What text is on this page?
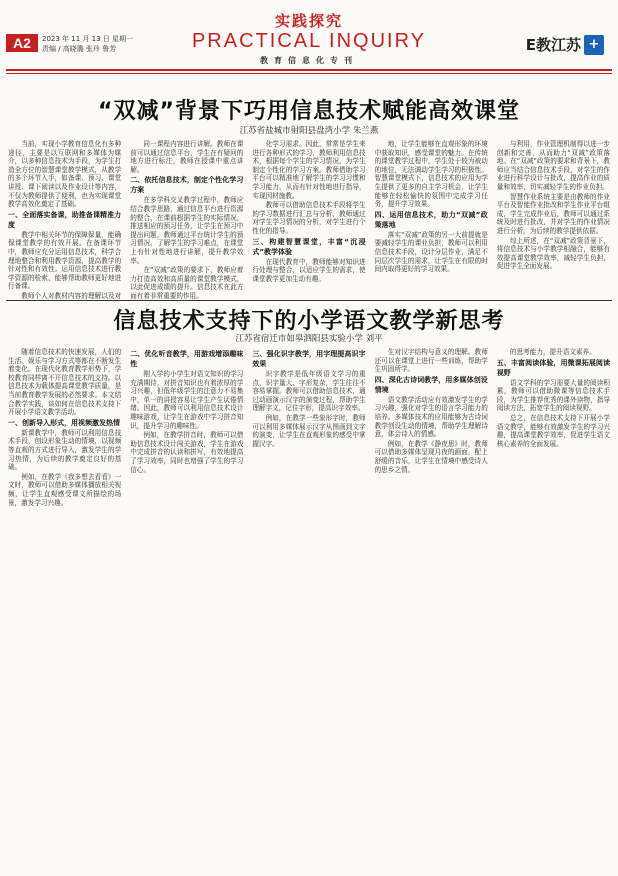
A2	2023 年 11 月 13 日 星期一
责编 / 高晓璐 张玲 鲁芳
实践探究
PRACTICAL INQUIRY
教育信息化专刊
E教江苏 +
“双减”背景下巧用信息技术赋能高效课堂
江苏省盐城市射阳县盘湾小学 朱兰燕

当前，实现小学教育信息化有多种途径，主要是以互联网和多媒体为媒介，以多种信息技术为手段，为学生打造全方位的智慧课堂教学模式，从教学的多个环节入手，如备课、预习、课堂讲授、课下阅读以及作业设计等内容，不仅为教师提供了便利，也为实现课堂教学高效化奠定了基础。

一、全面落实备课，助推备课精准力度

教学中相关环节的保障保量，能确保课堂教学的有效开展。在备课环节中，教师应充分运用信息技术，科学合理地整合和利用教学资源，提高教学的针对性和有效性。运用信息技术进行教学资源的检索，能够帮助教师更好地进行备课。

教师个人对教材内容的理解以及对

同一课程内容进行讲解。教师在课前可以通过信息平台，学生在有疑问的地方进行标注，教师在授课中重点讲解。

二、依托信息技术，制定个性化学习方案

在多学科交叉教学过程中，教师应结合教学思路，通过信息平台进行资源的整合，在课前根据学生的实际情况，推送相应的预习任务，让学生在预习中提出问题，教师通过平台统计学生的预习情况，了解学生的学习难点，在课堂上有针对性地进行讲解，提升教学效率。

在“双减”政策的要求下，教师应着力打造高效和高质量的课堂教学模式，以此促进成绩的提升。信息技术在此方面有着非常重要的作用。

化学习需求。因此，常常是学生来进行各种形式的学习，教师利用信息技术，根据每个学生的学习情况，为学生制定个性化的学习方案。教师借助学习平台可以精准地了解学生的学习习惯和学习能力，从而有针对性地进行指导，实现因材施教。

教师可以借助信息技术手段将学生的学习数据进行汇总与分析，教师通过对学生学习情况的分析，对学生进行个性化的指导。

三、构建智慧课堂，丰富“沉浸式”教学体验

在现代教育中，教师能够对知识进行处理与整合，以适应学生的需求，使课堂教学更加生动有趣。

地，让学生能够在直观形象的环境中获取知识，感受课堂的魅力。在传统的课堂教学过程中，学生处于较为被动的地位，无法调动学生学习的积极性。智慧课堂模式下，信息技术的应用为学生提供了更多的自主学习机会，让学生能够在轻松愉快的氛围中完成学习任务，提升学习效果。

四、运用信息技术，助力“双减”政策落地

落实“双减”政策的另一大前提就是要减轻学生的课业负担，教师可以利用信息技术手段，设计分层作业，满足不同层次学生的需求，让学生在有限的时间内取得更好的学习效果。

与利用，作业管理机制得以进一步创新和完善，从而助力“双减”政策落地。在“双减”政策的要求和背景下，教师应当结合信息技术手段，对学生的作业进行科学设计与批改，提高作业的质量和效率，切实减轻学生的作业负担。

智慧作业系统主要是由教师的作业平台及智能作业批改和学生作业平台组成，学生完成作业后，教师可以通过系统及时进行批改，并对学生的作业情况进行分析，为后续的教学提供依据。

综上所述，在“双减”政策背景下，将信息技术与小学教学相融合，能够有效提高课堂教学效率，减轻学生负担，促进学生全面发展。

信息技术支持下的小学语文教学新思考
江苏省宿迁市如皋泗阳县实验小学 刘平

随着信息技术的快速发展，人们的生活、娱乐与学习方式等都在不断发生着变化。在现代化教育教学形势下，学校教育同样离不开信息技术的支持。以信息技术为载体提高课堂教学质量，是当前教育教学发展的必然要求。本文结合教学实践，谈如何在信息技术支持下开展小学语文教学活动。

一、创新导入形式，用视频激发热情

新课教学中，教师可以利用信息技术手段，创设形象生动的情境，以视频等直观的方式进行导入，激发学生的学习热情，为后续的教学奠定良好的基础。

例如，在教学《我多想去看看》一文时，教师可以借助多媒体播放相关视频，让学生直观感受课文所描绘的场景，激发学习兴趣。

二、优化听音教学，用游戏增添趣味性

刚入学的小学生对语文知识的学习充满期待，对拼音知识也有着浓厚的学习兴趣，但低年级学生的注意力不易集中，单一的讲授容易让学生产生厌倦情绪。因此，教师可以利用信息技术设计趣味游戏，让学生在游戏中学习拼音知识，提升学习的趣味性。

例如，在教学拼音时，教师可以借助信息技术设计闯关游戏，学生在游戏中完成拼音的认读和拼写，有效地提高了学习效率，同时也增强了学生的学习信心。

三、强化识字教学，用字理提高识字效果

识字教学是低年级语文学习的重点，识字量大、字形复杂，学生往往不容易掌握。教师可以借助信息技术，通过动画演示汉字的演变过程，帮助学生理解字义，记住字形，提高识字效率。

例如，在教学一些象形字时，教师可以利用多媒体展示汉字从图画到文字的演变，让学生在直观形象的感受中掌握汉字。

生对汉字结构与意义的理解。教师还可以在课堂上进行一些训练，帮助学生巩固所学。

四、深化古诗词教学，用多媒体创设情境

语文教学活动应有效激发学生的学习兴趣，强化对学生的语言学习能力的培养。多媒体技术的应用能够为古诗词教学创设生动的情境，帮助学生理解诗意，体会诗人的情感。

例如，在教学《静夜思》时，教师可以借助多媒体呈现月夜的画面，配上舒缓的音乐，让学生在情境中感受诗人的思乡之情。

的思考能力，提升语文素养。

五、丰富阅读体验，用微课拓展阅读视野

语文学科的学习需要大量的阅读积累，教师可以借助微课等信息技术手段，为学生推荐优秀的课外读物，指导阅读方法，拓宽学生的阅读视野。

总之，在信息技术支持下开展小学语文教学，能够有效激发学生的学习兴趣，提高课堂教学效率，促进学生语文核心素养的全面发展。
